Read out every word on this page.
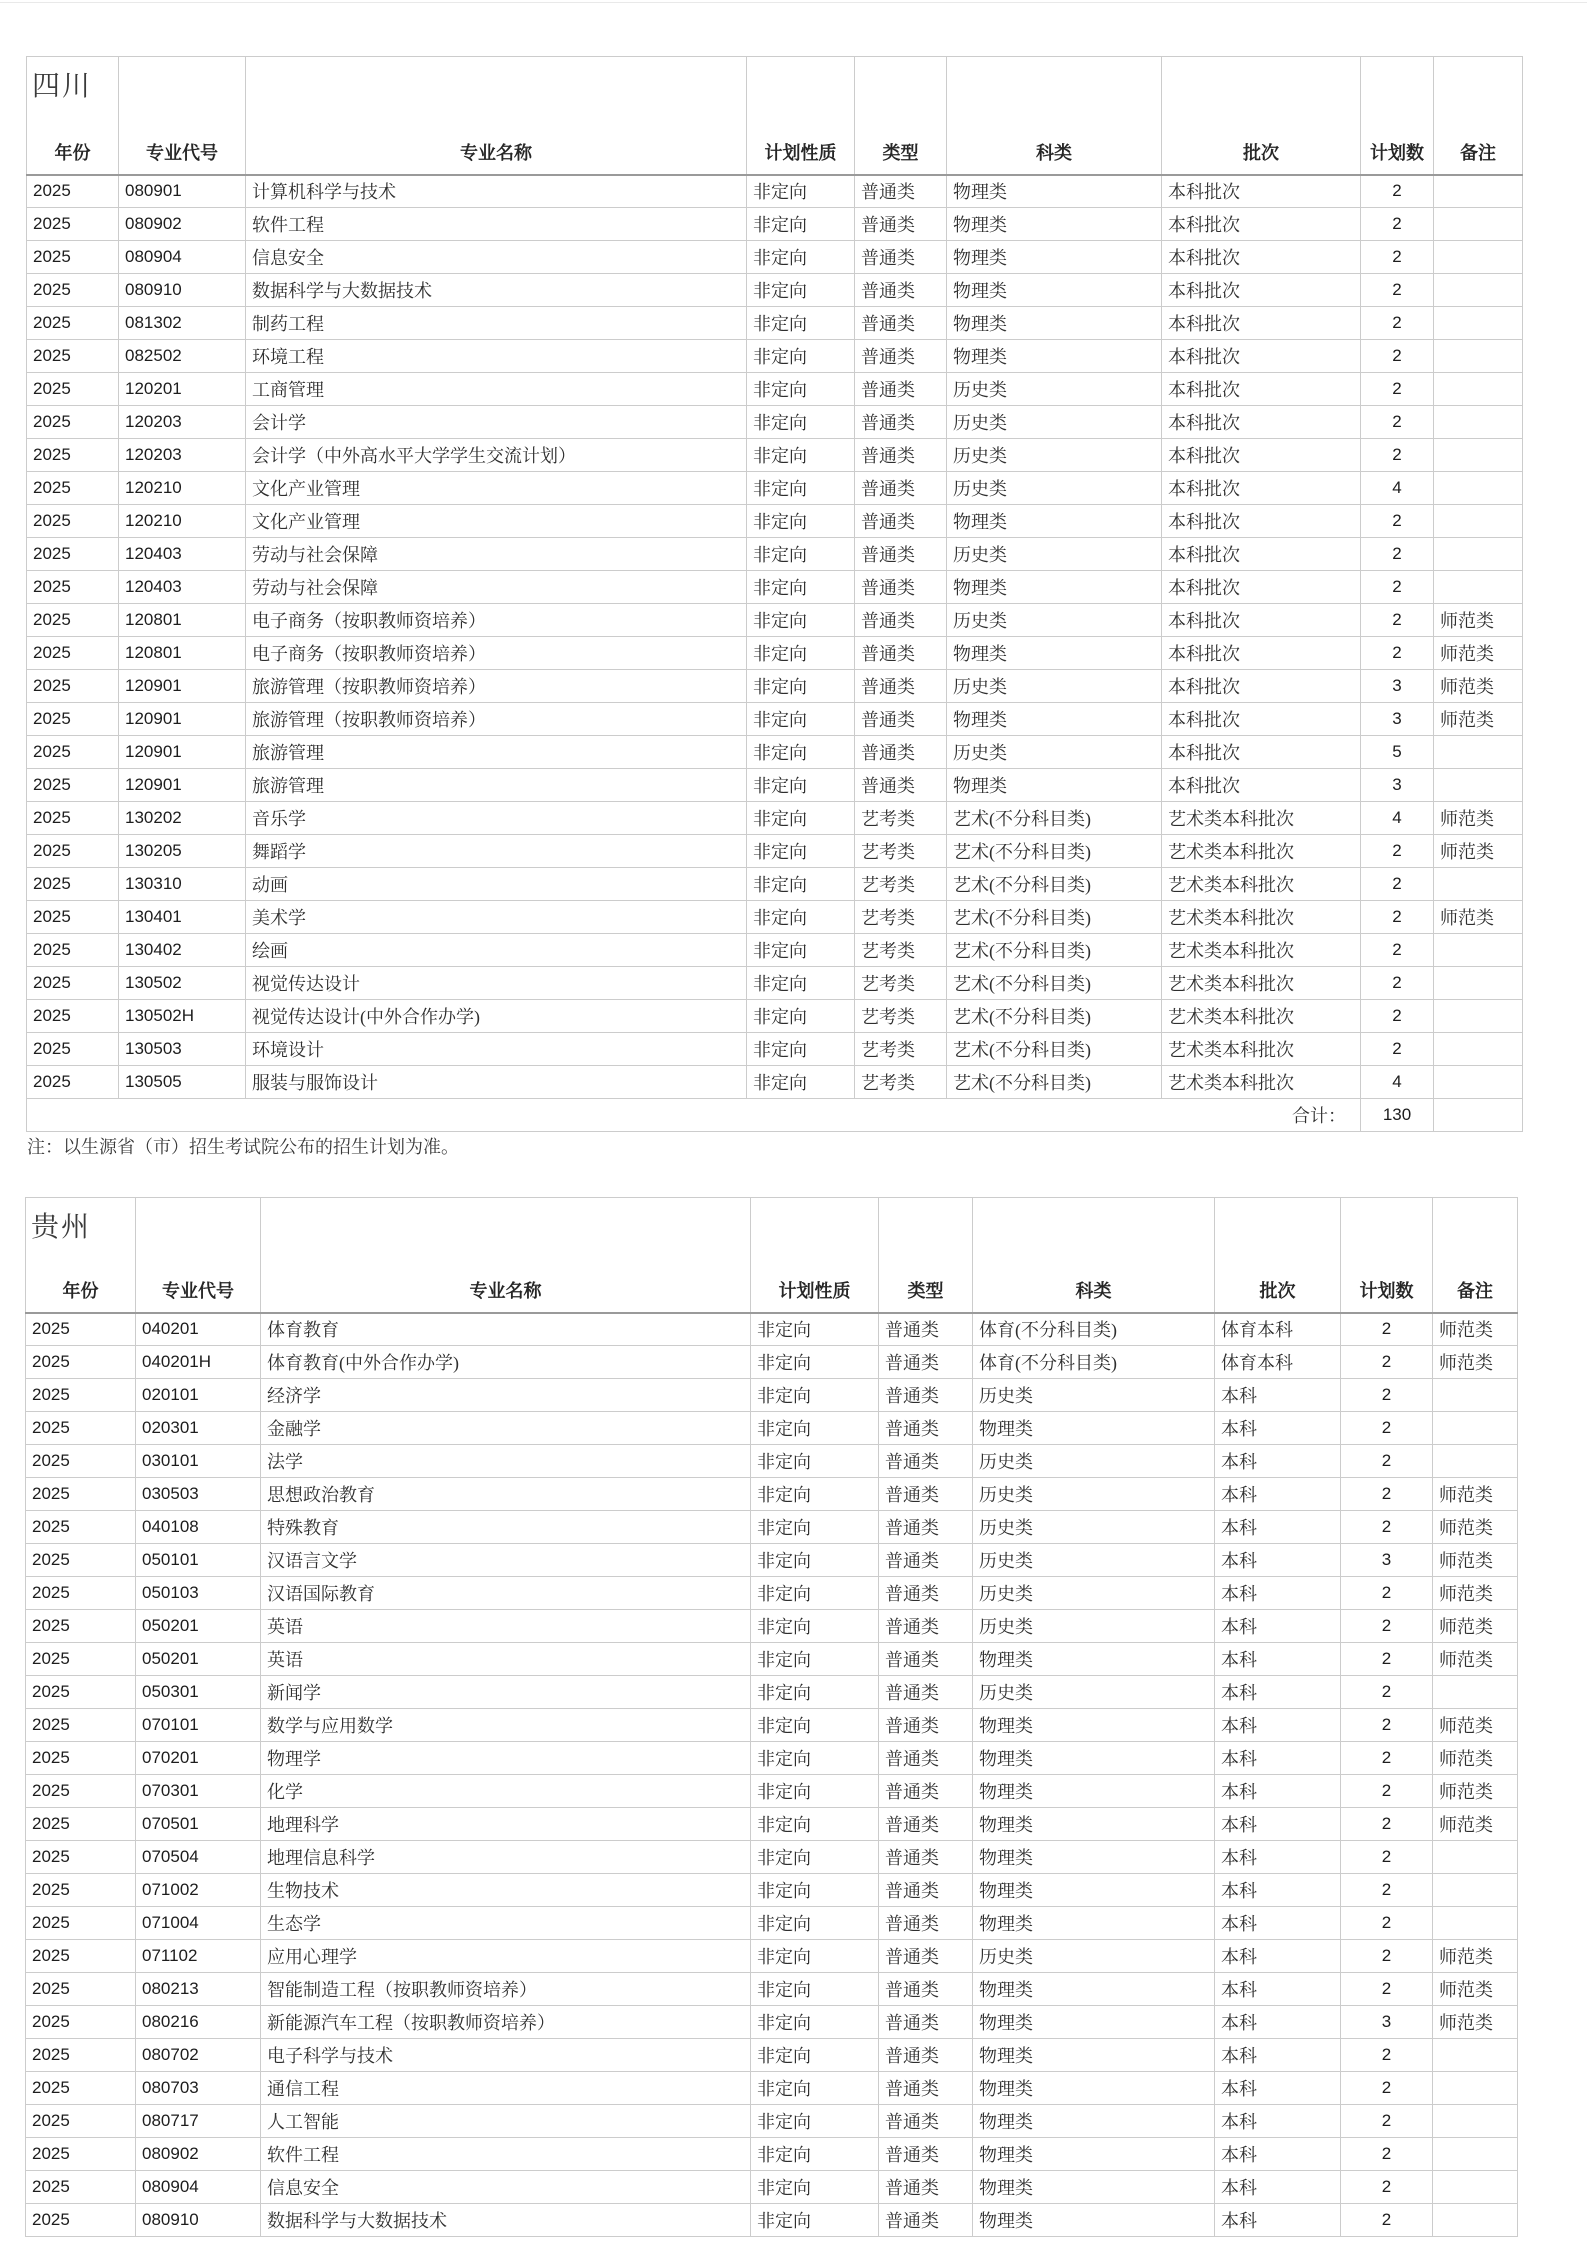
四川
年份	专业代号	专业名称	计划性质	类型	科类	批次	计划数	备注
2025	080901	计算机科学与技术	非定向	普通类	物理类	本科批次	2	
2025	080902	软件工程	非定向	普通类	物理类	本科批次	2	
2025	080904	信息安全	非定向	普通类	物理类	本科批次	2	
2025	080910	数据科学与大数据技术	非定向	普通类	物理类	本科批次	2	
2025	081302	制药工程	非定向	普通类	物理类	本科批次	2	
2025	082502	环境工程	非定向	普通类	物理类	本科批次	2	
2025	120201	工商管理	非定向	普通类	历史类	本科批次	2	
2025	120203	会计学	非定向	普通类	历史类	本科批次	2	
2025	120203	会计学（中外高水平大学学生交流计划）	非定向	普通类	历史类	本科批次	2	
2025	120210	文化产业管理	非定向	普通类	历史类	本科批次	4	
2025	120210	文化产业管理	非定向	普通类	物理类	本科批次	2	
2025	120403	劳动与社会保障	非定向	普通类	历史类	本科批次	2	
2025	120403	劳动与社会保障	非定向	普通类	物理类	本科批次	2	
2025	120801	电子商务（按职教师资培养）	非定向	普通类	历史类	本科批次	2	师范类
2025	120801	电子商务（按职教师资培养）	非定向	普通类	物理类	本科批次	2	师范类
2025	120901	旅游管理（按职教师资培养）	非定向	普通类	历史类	本科批次	3	师范类
2025	120901	旅游管理（按职教师资培养）	非定向	普通类	物理类	本科批次	3	师范类
2025	120901	旅游管理	非定向	普通类	历史类	本科批次	5	
2025	120901	旅游管理	非定向	普通类	物理类	本科批次	3	
2025	130202	音乐学	非定向	艺考类	艺术(不分科目类)	艺术类本科批次	4	师范类
2025	130205	舞蹈学	非定向	艺考类	艺术(不分科目类)	艺术类本科批次	2	师范类
2025	130310	动画	非定向	艺考类	艺术(不分科目类)	艺术类本科批次	2	
2025	130401	美术学	非定向	艺考类	艺术(不分科目类)	艺术类本科批次	2	师范类
2025	130402	绘画	非定向	艺考类	艺术(不分科目类)	艺术类本科批次	2	
2025	130502	视觉传达设计	非定向	艺考类	艺术(不分科目类)	艺术类本科批次	2	
2025	130502H	视觉传达设计(中外合作办学)	非定向	艺考类	艺术(不分科目类)	艺术类本科批次	2	
2025	130503	环境设计	非定向	艺考类	艺术(不分科目类)	艺术类本科批次	2	
2025	130505	服装与服饰设计	非定向	艺考类	艺术(不分科目类)	艺术类本科批次	4	
合计：							130	
注：以生源省（市）招生考试院公布的招生计划为准。
贵州
年份	专业代号	专业名称	计划性质	类型	科类	批次	计划数	备注
2025	040201	体育教育	非定向	普通类	体育(不分科目类)	体育本科	2	师范类
2025	040201H	体育教育(中外合作办学)	非定向	普通类	体育(不分科目类)	体育本科	2	师范类
2025	020101	经济学	非定向	普通类	历史类	本科	2	
2025	020301	金融学	非定向	普通类	物理类	本科	2	
2025	030101	法学	非定向	普通类	历史类	本科	2	
2025	030503	思想政治教育	非定向	普通类	历史类	本科	2	师范类
2025	040108	特殊教育	非定向	普通类	历史类	本科	2	师范类
2025	050101	汉语言文学	非定向	普通类	历史类	本科	3	师范类
2025	050103	汉语国际教育	非定向	普通类	历史类	本科	2	师范类
2025	050201	英语	非定向	普通类	历史类	本科	2	师范类
2025	050201	英语	非定向	普通类	物理类	本科	2	师范类
2025	050301	新闻学	非定向	普通类	历史类	本科	2	
2025	070101	数学与应用数学	非定向	普通类	物理类	本科	2	师范类
2025	070201	物理学	非定向	普通类	物理类	本科	2	师范类
2025	070301	化学	非定向	普通类	物理类	本科	2	师范类
2025	070501	地理科学	非定向	普通类	物理类	本科	2	师范类
2025	070504	地理信息科学	非定向	普通类	物理类	本科	2	
2025	071002	生物技术	非定向	普通类	物理类	本科	2	
2025	071004	生态学	非定向	普通类	物理类	本科	2	
2025	071102	应用心理学	非定向	普通类	历史类	本科	2	师范类
2025	080213	智能制造工程（按职教师资培养）	非定向	普通类	物理类	本科	2	师范类
2025	080216	新能源汽车工程（按职教师资培养）	非定向	普通类	物理类	本科	3	师范类
2025	080702	电子科学与技术	非定向	普通类	物理类	本科	2	
2025	080703	通信工程	非定向	普通类	物理类	本科	2	
2025	080717	人工智能	非定向	普通类	物理类	本科	2	
2025	080902	软件工程	非定向	普通类	物理类	本科	2	
2025	080904	信息安全	非定向	普通类	物理类	本科	2	
2025	080910	数据科学与大数据技术	非定向	普通类	物理类	本科	2	
